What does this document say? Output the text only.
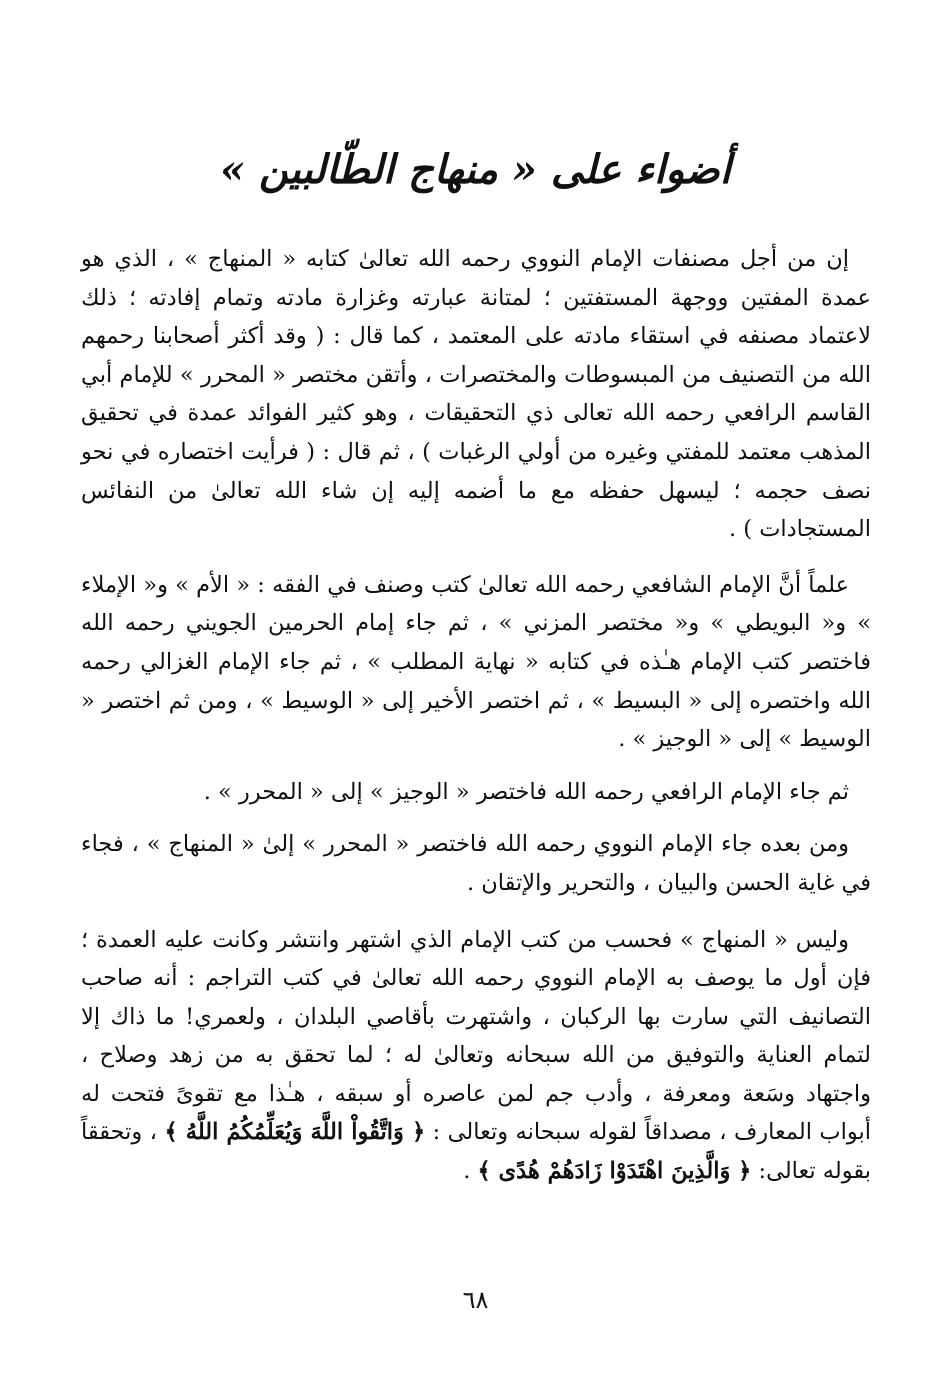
أضواء على « منهاج الطّالبين »

إن من أجل مصنفات الإمام النووي رحمه الله تعالىٰ كتابه « المنهاج » ، الذي هو عمدة المفتين ووجهة المستفتين ؛ لمتانة عبارته وغزارة مادته وتمام إفادته ؛ ذلك لاعتماد مصنفه في استقاء مادته على المعتمد ، كما قال : ( وقد أكثر أصحابنا رحمهم الله من التصنيف من المبسوطات والمختصرات ، وأتقن مختصر « المحرر » للإمام أبي القاسم الرافعي رحمه الله تعالى ذي التحقيقات ، وهو كثير الفوائد عمدة في تحقيق المذهب معتمد للمفتي وغيره من أولي الرغبات ) ، ثم قال : ( فرأيت اختصاره في نحو نصف حجمه ؛ ليسهل حفظه مع ما أضمه إليه إن شاء الله تعالىٰ من النفائس المستجادات ) .

علماً أنَّ الإمام الشافعي رحمه الله تعالىٰ كتب وصنف في الفقه : « الأم » و« الإملاء » و« البويطي » و« مختصر المزني » ، ثم جاء إمام الحرمين الجويني رحمه الله فاختصر كتب الإمام هـٰذه في كتابه « نهاية المطلب » ، ثم جاء الإمام الغزالي رحمه الله واختصره إلى « البسيط » ، ثم اختصر الأخير إلى « الوسيط » ، ومن ثم اختصر « الوسيط » إلى « الوجيز » .

ثم جاء الإمام الرافعي رحمه الله فاختصر « الوجيز » إلى « المحرر » .

ومن بعده جاء الإمام النووي رحمه الله فاختصر « المحرر » إلىٰ « المنهاج » ، فجاء في غاية الحسن والبيان ، والتحرير والإتقان .

وليس « المنهاج » فحسب من كتب الإمام الذي اشتهر وانتشر وكانت عليه العمدة ؛ فإن أول ما يوصف به الإمام النووي رحمه الله تعالىٰ في كتب التراجم : أنه صاحب التصانيف التي سارت بها الركبان ، واشتهرت بأقاصي البلدان ، ولعمري! ما ذاك إلا لتمام العناية والتوفيق من الله سبحانه وتعالىٰ له ؛ لما تحقق به من زهد وصلاح ، واجتهاد وسَعة ومعرفة ، وأدب جم لمن عاصره أو سبقه ، هـٰذا مع تقوىً فتحت له أبواب المعارف ، مصداقاً لقوله سبحانه وتعالى : ﴿ وَاتَّقُواْ اللَّهَ وَيُعَلِّمُكُمُ اللَّهُ ﴾ ، وتحققاً بقوله تعالى: ﴿ وَالَّذِينَ اهْتَدَوْا زَادَهُمْ هُدًى ﴾ .

٦٨
